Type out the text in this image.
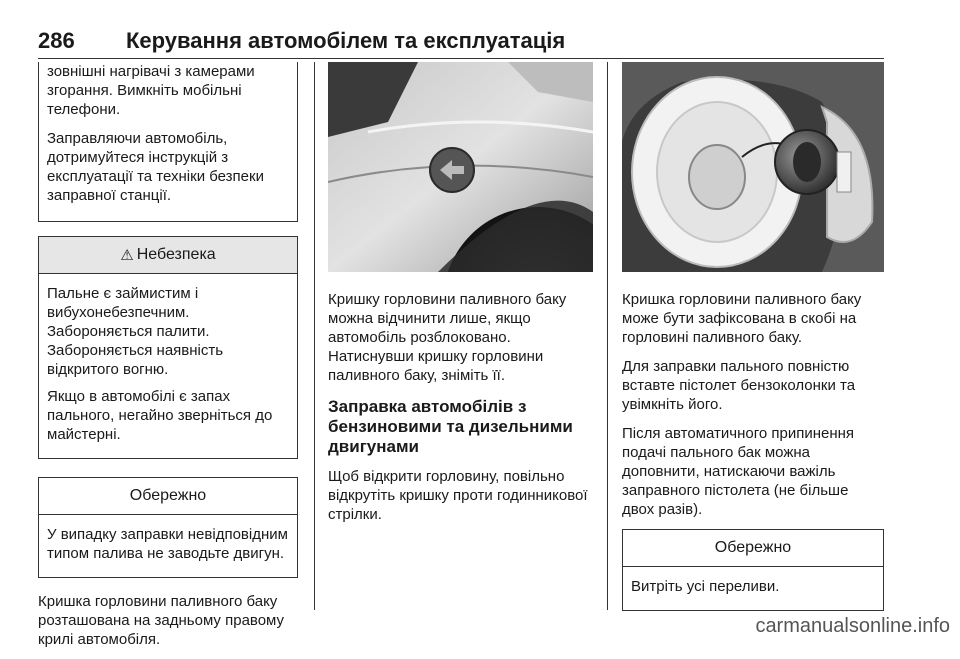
286 Керування автомобілем та експлуатація

зовнішні нагрівачі з камерами згорання. Вимкніть мобільні телефони.

Заправляючи автомобіль, дотримуйтеся інструкцій з експлуатації та техніки безпеки заправної станції.

⚠ Небезпека

Пальне є займистим і вибухонебезпечним. Забороняється палити. Забороняється наявність відкритого вогню.

Якщо в автомобілі є запах пального, негайно зверніться до майстерні.

Обережно

У випадку заправки невідповідним типом палива не заводьте двигун.

Кришка горловини паливного баку розташована на задньому правому крилі автомобіля.

Кришку горловини паливного баку можна відчинити лише, якщо автомобіль розблоковано. Натиснувши кришку горловини паливного баку, зніміть її.

Заправка автомобілів з бензиновими та дизельними двигунами

Щоб відкрити горловину, повільно відкрутіть кришку проти годинникової стрілки.

Кришка горловини паливного баку може бути зафіксована в скобі на горловині паливного баку.

Для заправки пального повністю вставте пістолет бензоколонки та увімкніть його.

Після автоматичного припинення подачі пального бак можна доповнити, натискаючи важіль заправного пістолета (не більше двох разів).

Обережно

Витріть усі переливи.

carmanualsonline.info
